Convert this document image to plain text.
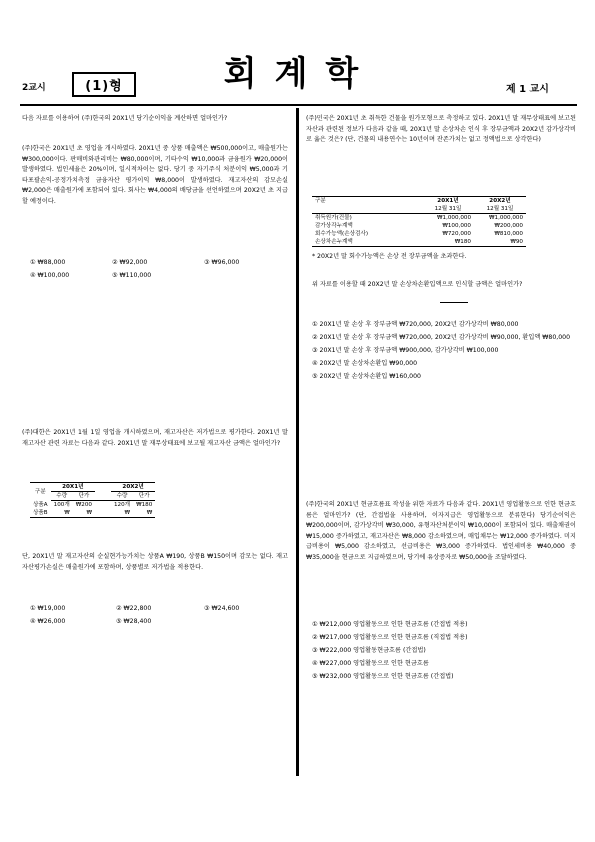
2교시	(1)형	회계학	제 1 교시

다음 자료를 이용하여 (주)한국의 20X1년 당기순이익을 계산하면 얼마인가?

(주)한국은 20X1년 초 영업을 개시하였다. 20X1년 중 상품 매출액은 ₩500,000이고, 매출원가는 ₩300,000이다. 판매비와관리비는 ₩80,000이며, 기타수익 ₩10,000과 금융원가 ₩20,000이 발생하였다. 법인세율은 20%이며, 일시적차이는 없다. 당기 중 자기주식 처분이익 ₩5,000과 기타포괄손익-공정가치측정 금융자산 평가이익 ₩8,000이 발생하였다. 재고자산의 감모손실 ₩2,000은 매출원가에 포함되어 있다. 회사는 ₩4,000의 배당금을 선언하였으며 20X2년 초 지급할 예정이다.

① ₩88,000	② ₩92,000	③ ₩96,000
④ ₩100,000	⑤ ₩110,000

(주)대한은 20X1년 1월 1일 영업을 개시하였으며, 재고자산은 저가법으로 평가한다. 20X1년 말 재고자산 관련 자료는 다음과 같다. 20X1년 말 재무상태표에 보고될 재고자산 금액은 얼마인가?

구분	20X1년			20X2년	
	수량	단가		수량	단가
상품A	100개	₩200		120개	₩180
상품B	₩	₩		₩	₩

단, 20X1년 말 재고자산의 순실현가능가치는 상품A ₩190, 상품B ₩150이며 감모는 없다. 재고자산평가손실은 매출원가에 포함하며, 상품별로 저가법을 적용한다.

① ₩19,000	② ₩22,800	③ ₩24,600
④ ₩26,000	⑤ ₩28,400

(주)민국은 20X1년 초 취득한 건물을 원가모형으로 측정하고 있다. 20X1년 말 재무상태표에 보고된 자산과 관련된 정보가 다음과 같을 때, 20X1년 말 손상차손 인식 후 장부금액과 20X2년 감가상각비로 옳은 것은? (단, 건물의 내용연수는 10년이며 잔존가치는 없고 정액법으로 상각한다)

구분	20X1년	20X2년
	12월 31일	12월 31일
취득원가(건물)	₩1,000,000	₩1,000,000
감가상각누계액	₩100,000	₩200,000
회수가능액(손상검사)	₩720,000	₩810,000
손상차손누계액	₩180	₩90

* 20X2년 말 회수가능액은 손상 전 장부금액을 초과한다.

위 자료를 이용할 때 20X2년 말 손상차손환입액으로 인식할 금액은 얼마인가?

① 20X1년 말 손상 후 장부금액 ₩720,000, 20X2년 감가상각비 ₩80,000

② 20X1년 말 손상 후 장부금액 ₩720,000, 20X2년 감가상각비 ₩90,000, 환입액 ₩80,000

③ 20X1년 말 손상 후 장부금액 ₩900,000, 감가상각비 ₩100,000

④ 20X2년 말 손상차손환입 ₩90,000

⑤ 20X2년 말 손상차손환입 ₩160,000

(주)한국의 20X1년 현금흐름표 작성을 위한 자료가 다음과 같다. 20X1년 영업활동으로 인한 현금흐름은 얼마인가? (단, 간접법을 사용하며, 이자지급은 영업활동으로 분류한다) 당기순이익은 ₩200,000이며, 감가상각비 ₩30,000, 유형자산처분이익 ₩10,000이 포함되어 있다. 매출채권이 ₩15,000 증가하였고, 재고자산은 ₩8,000 감소하였으며, 매입채무는 ₩12,000 증가하였다. 미지급비용이 ₩5,000 감소하였고, 선급비용은 ₩3,000 증가하였다. 법인세비용 ₩40,000 중 ₩35,000을 현금으로 지급하였으며, 당기에 유상증자로 ₩50,000을 조달하였다.

① ₩212,000 영업활동으로 인한 현금흐름 (간접법 적용)

② ₩217,000 영업활동으로 인한 현금흐름 (직접법 적용)

③ ₩222,000 영업활동현금흐름 (간접법)

④ ₩227,000 영업활동으로 인한 현금흐름

⑤ ₩232,000 영업활동으로 인한 현금흐름 (간접법)
